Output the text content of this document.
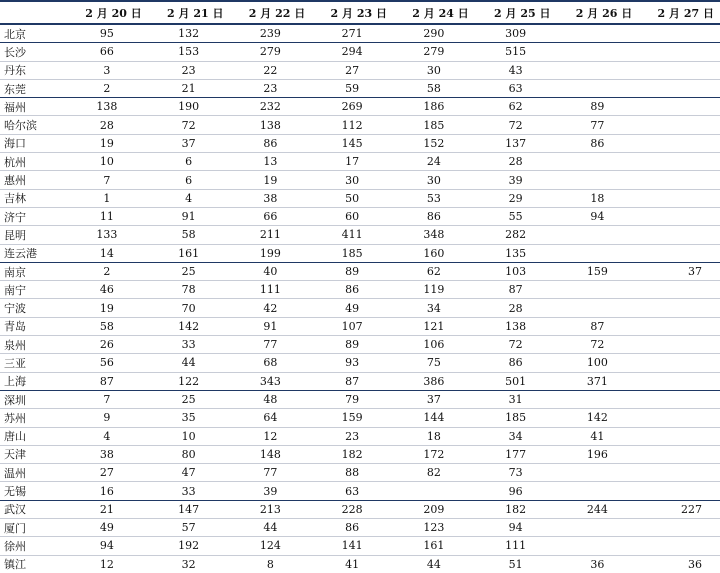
	2 月 20 日	2 月 21 日	2 月 22 日	2 月 23 日	2 月 24 日	2 月 25 日	2 月 26 日	2 月 27 日
北京	95	132	239	271	290	309		
长沙	66	153	279	294	279	515		
丹东	3	23	22	27	30	43		
东莞	2	21	23	59	58	63		
福州	138	190	232	269	186	62	89	
哈尔滨	28	72	138	112	185	72	77	
海口	19	37	86	145	152	137	86	
杭州	10	6	13	17	24	28		
惠州	7	6	19	30	30	39		
吉林	1	4	38	50	53	29	18	
济宁	11	91	66	60	86	55	94	
昆明	133	58	211	411	348	282		
连云港	14	161	199	185	160	135		
南京	2	25	40	89	62	103	159	37
南宁	46	78	111	86	119	87		
宁波	19	70	42	49	34	28		
青岛	58	142	91	107	121	138	87	
泉州	26	33	77	89	106	72	72	
三亚	56	44	68	93	75	86	100	
上海	87	122	343	87	386	501	371	
深圳	7	25	48	79	37	31		
苏州	9	35	64	159	144	185	142	
唐山	4	10	12	23	18	34	41	
天津	38	80	148	182	172	177	196	
温州	27	47	77	88	82	73		
无锡	16	33	39	63		96		
武汉	21	147	213	228	209	182	244	227
厦门	49	57	44	86	123	94		
徐州	94	192	124	141	161	111		
镇江	12	32	8	41	44	51	36	36
